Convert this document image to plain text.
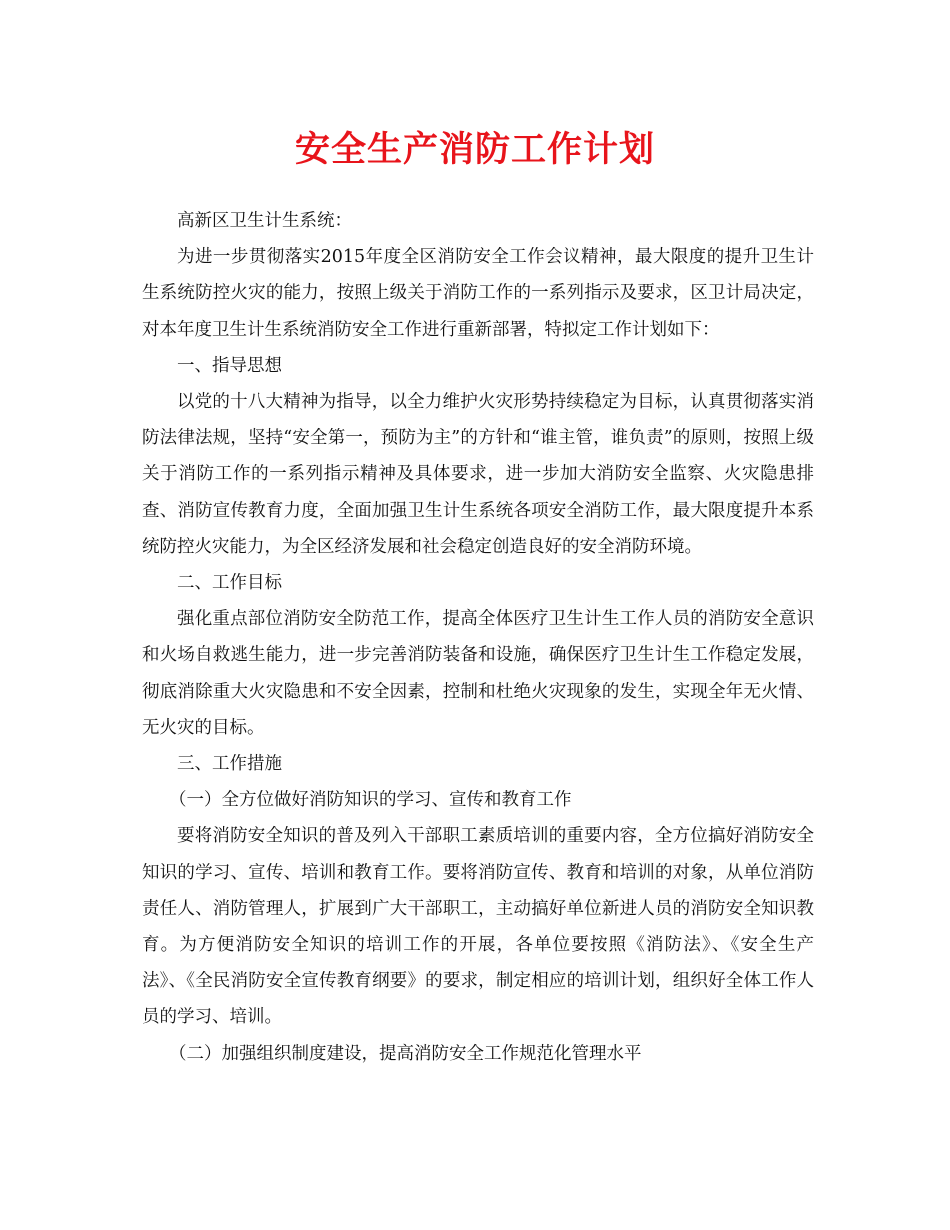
安全生产消防工作计划

高新区卫生计生系统：

为进一步贯彻落实2015年度全区消防安全工作会议精神，最大限度的提升卫生计生系统防控火灾的能力，按照上级关于消防工作的一系列指示及要求，区卫计局决定，对本年度卫生计生系统消防安全工作进行重新部署，特拟定工作计划如下：

一、指导思想

以党的十八大精神为指导，以全力维护火灾形势持续稳定为目标，认真贯彻落实消防法律法规，坚持“安全第一，预防为主”的方针和“谁主管，谁负责”的原则，按照上级关于消防工作的一系列指示精神及具体要求，进一步加大消防安全监察、火灾隐患排查、消防宣传教育力度，全面加强卫生计生系统各项安全消防工作，最大限度提升本系统防控火灾能力，为全区经济发展和社会稳定创造良好的安全消防环境。

二、工作目标

强化重点部位消防安全防范工作，提高全体医疗卫生计生工作人员的消防安全意识和火场自救逃生能力，进一步完善消防装备和设施，确保医疗卫生计生工作稳定发展，彻底消除重大火灾隐患和不安全因素，控制和杜绝火灾现象的发生，实现全年无火情、无火灾的目标。

三、工作措施

（一）全方位做好消防知识的学习、宣传和教育工作

要将消防安全知识的普及列入干部职工素质培训的重要内容，全方位搞好消防安全知识的学习、宣传、培训和教育工作。要将消防宣传、教育和培训的对象，从单位消防责任人、消防管理人，扩展到广大干部职工，主动搞好单位新进人员的消防安全知识教育。为方便消防安全知识的培训工作的开展，各单位要按照《消防法》、《安全生产法》、《全民消防安全宣传教育纲要》的要求，制定相应的培训计划，组织好全体工作人员的学习、培训。

（二）加强组织制度建设，提高消防安全工作规范化管理水平
